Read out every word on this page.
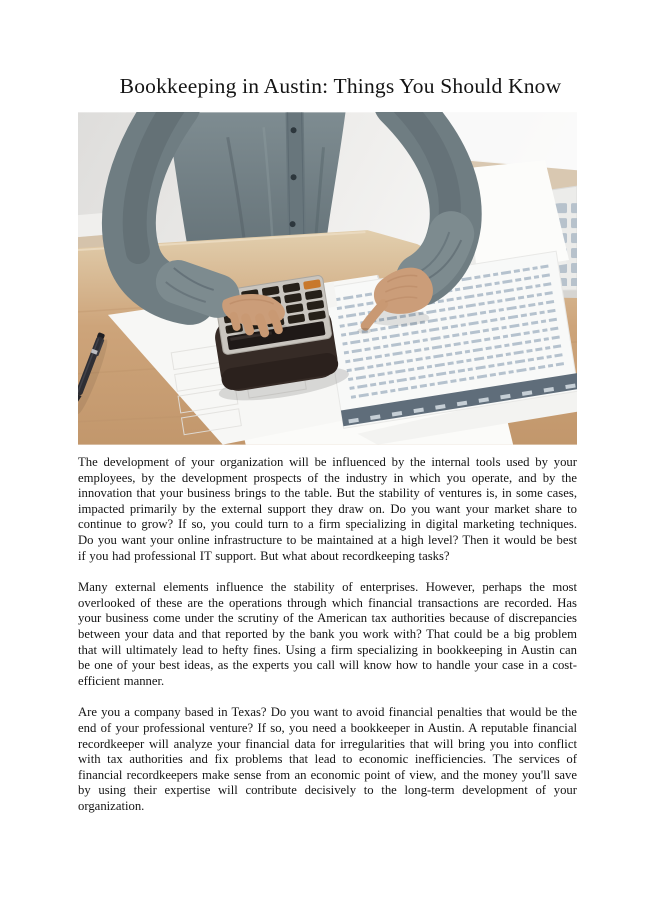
Bookkeeping in Austin: Things You Should Know

The development of your organization will be influenced by the internal tools used by your employees, by the development prospects of the industry in which you operate, and by the innovation that your business brings to the table. But the stability of ventures is, in some cases, impacted primarily by the external support they draw on. Do you want your market share to continue to grow? If so, you could turn to a firm specializing in digital marketing techniques. Do you want your online infrastructure to be maintained at a high level? Then it would be best if you had professional IT support. But what about recordkeeping tasks?

Many external elements influence the stability of enterprises. However, perhaps the most overlooked of these are the operations through which financial transactions are recorded. Has your business come under the scrutiny of the American tax authorities because of discrepancies between your data and that reported by the bank you work with? That could be a big problem that will ultimately lead to hefty fines. Using a firm specializing in bookkeeping in Austin can be one of your best ideas, as the experts you call will know how to handle your case in a cost-efficient manner.

Are you a company based in Texas? Do you want to avoid financial penalties that would be the end of your professional venture? If so, you need a bookkeeper in Austin. A reputable financial recordkeeper will analyze your financial data for irregularities that will bring you into conflict with tax authorities and fix problems that lead to economic inefficiencies. The services of financial recordkeepers make sense from an economic point of view, and the money you'll save by using their expertise will contribute decisively to the long-term development of your organization.
